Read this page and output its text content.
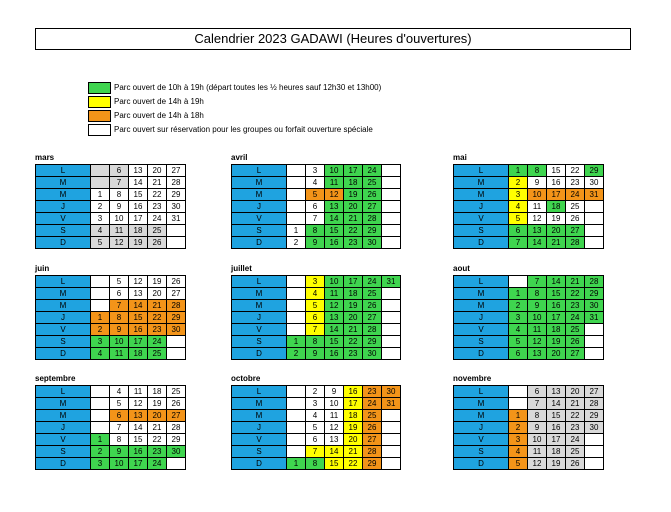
Calendrier 2023 GADAWI (Heures d'ouvertures)
Parc ouvert de 10h à 19h (départ toutes les ½ heures sauf 12h30 et 13h00)
Parc ouvert de 14h à 19h
Parc ouvert de 14h à 18h
Parc ouvert sur réservation pour les groupes ou forfait ouverture spéciale
mars
L		6	13	20	27
M		7	14	21	28
M	1	8	15	22	29
J	2	9	16	23	30
V	3	10	17	24	31
S	4	11	18	25	
D	5	12	19	26	
avril
L		3	10	17	24	
M		4	11	18	25	
M		5	12	19	26	
J		6	13	20	27	
V		7	14	21	28	
S	1	8	15	22	29	
D	2	9	16	23	30	
mai
L	1	8	15	22	29
M	2	9	16	23	30
M	3	10	17	24	31
J	4	11	18	25	
V	5	12	19	26	
S	6	13	20	27	
D	7	14	21	28	
juin
L		5	12	19	26
M		6	13	20	27
M		7	14	21	28
J	1	8	15	22	29
V	2	9	16	23	30
S	3	10	17	24	
D	4	11	18	25	
juillet
L		3	10	17	24	31
M		4	11	18	25	
M		5	12	19	26	
J		6	13	20	27	
V		7	14	21	28	
S	1	8	15	22	29	
D	2	9	16	23	30	
aout
L		7	14	21	28
M	1	8	15	22	29
M	2	9	16	23	30
J	3	10	17	24	31
V	4	11	18	25	
S	5	12	19	26	
D	6	13	20	27	
septembre
L		4	11	18	25
M		5	12	19	26
M		6	13	20	27
J		7	14	21	28
V	1	8	15	22	29
S	2	9	16	23	30
D	3	10	17	24	
octobre
L		2	9	16	23	30
M		3	10	17	24	31
M		4	11	18	25	
J		5	12	19	26	
V		6	13	20	27	
S		7	14	21	28	
D	1	8	15	22	29	
novembre
L		6	13	20	27
M		7	14	21	28
M	1	8	15	22	29
J	2	9	16	23	30
V	3	10	17	24	
S	4	11	18	25	
D	5	12	19	26	
